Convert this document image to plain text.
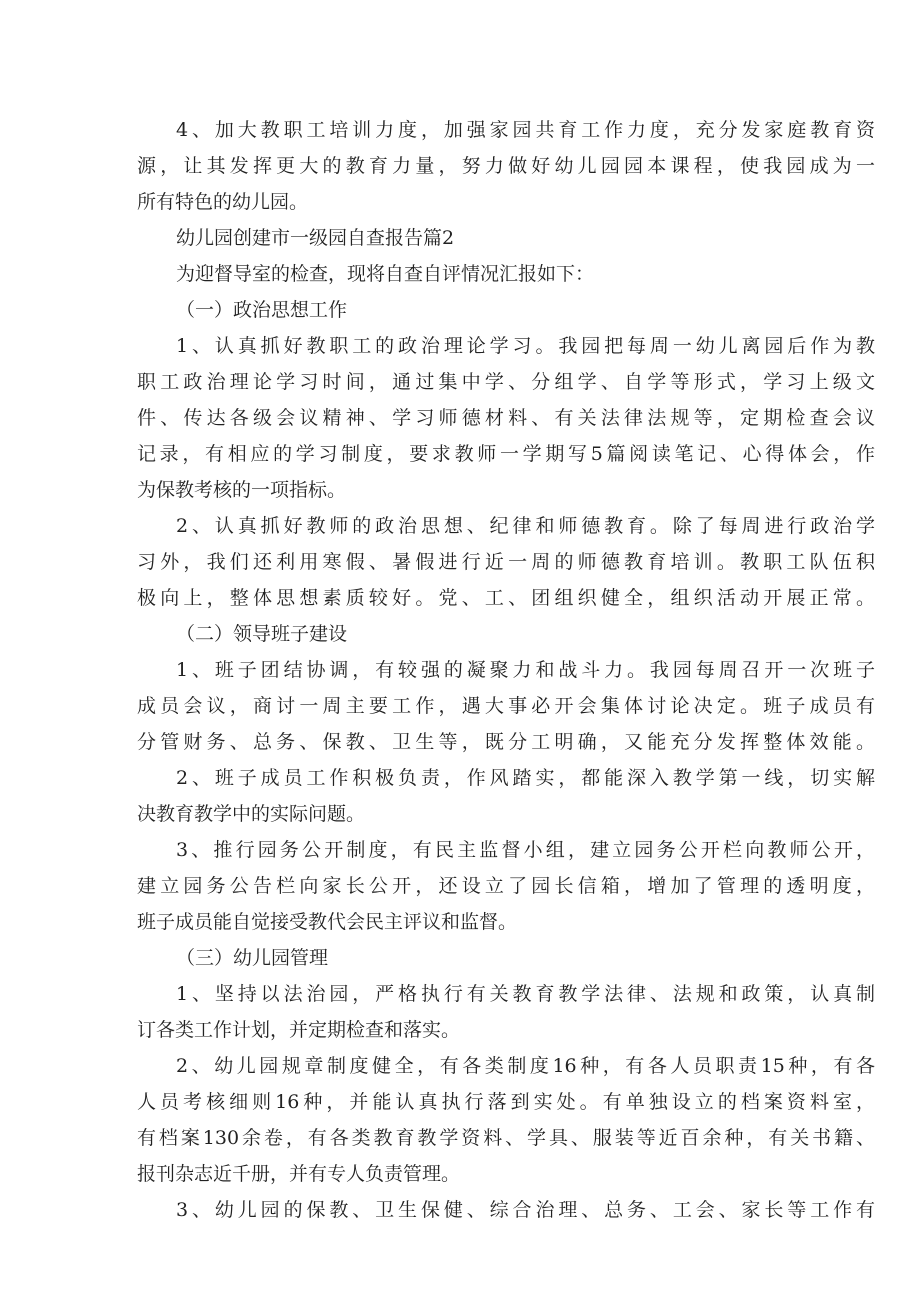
4、加大教职工培训力度，加强家园共育工作力度，充分发家庭教育资
源，让其发挥更大的教育力量，努力做好幼儿园园本课程，使我园成为一
所有特色的幼儿园。
幼儿园创建市一级园自查报告篇2
为迎督导室的检查，现将自查自评情况汇报如下：
（一）政治思想工作
1、认真抓好教职工的政治理论学习。我园把每周一幼儿离园后作为教
职工政治理论学习时间，通过集中学、分组学、自学等形式，学习上级文
件、传达各级会议精神、学习师德材料、有关法律法规等，定期检查会议
记录，有相应的学习制度，要求教师一学期写5篇阅读笔记、心得体会，作
为保教考核的一项指标。
2、认真抓好教师的政治思想、纪律和师德教育。除了每周进行政治学
习外，我们还利用寒假、暑假进行近一周的师德教育培训。教职工队伍积
极向上，整体思想素质较好。党、工、团组织健全，组织活动开展正常。
（二）领导班子建设
1、班子团结协调，有较强的凝聚力和战斗力。我园每周召开一次班子
成员会议，商讨一周主要工作，遇大事必开会集体讨论决定。班子成员有
分管财务、总务、保教、卫生等，既分工明确，又能充分发挥整体效能。
2、班子成员工作积极负责，作风踏实，都能深入教学第一线，切实解
决教育教学中的实际问题。
3、推行园务公开制度，有民主监督小组，建立园务公开栏向教师公开，
建立园务公告栏向家长公开，还设立了园长信箱，增加了管理的透明度，
班子成员能自觉接受教代会民主评议和监督。
（三）幼儿园管理
1、坚持以法治园，严格执行有关教育教学法律、法规和政策，认真制
订各类工作计划，并定期检查和落实。
2、幼儿园规章制度健全，有各类制度16种，有各人员职责15种，有各
人员考核细则16种，并能认真执行落到实处。有单独设立的档案资料室，
有档案130余卷，有各类教育教学资料、学具、服装等近百余种，有关书籍、
报刊杂志近千册，并有专人负责管理。
3、幼儿园的保教、卫生保健、综合治理、总务、工会、家长等工作有
